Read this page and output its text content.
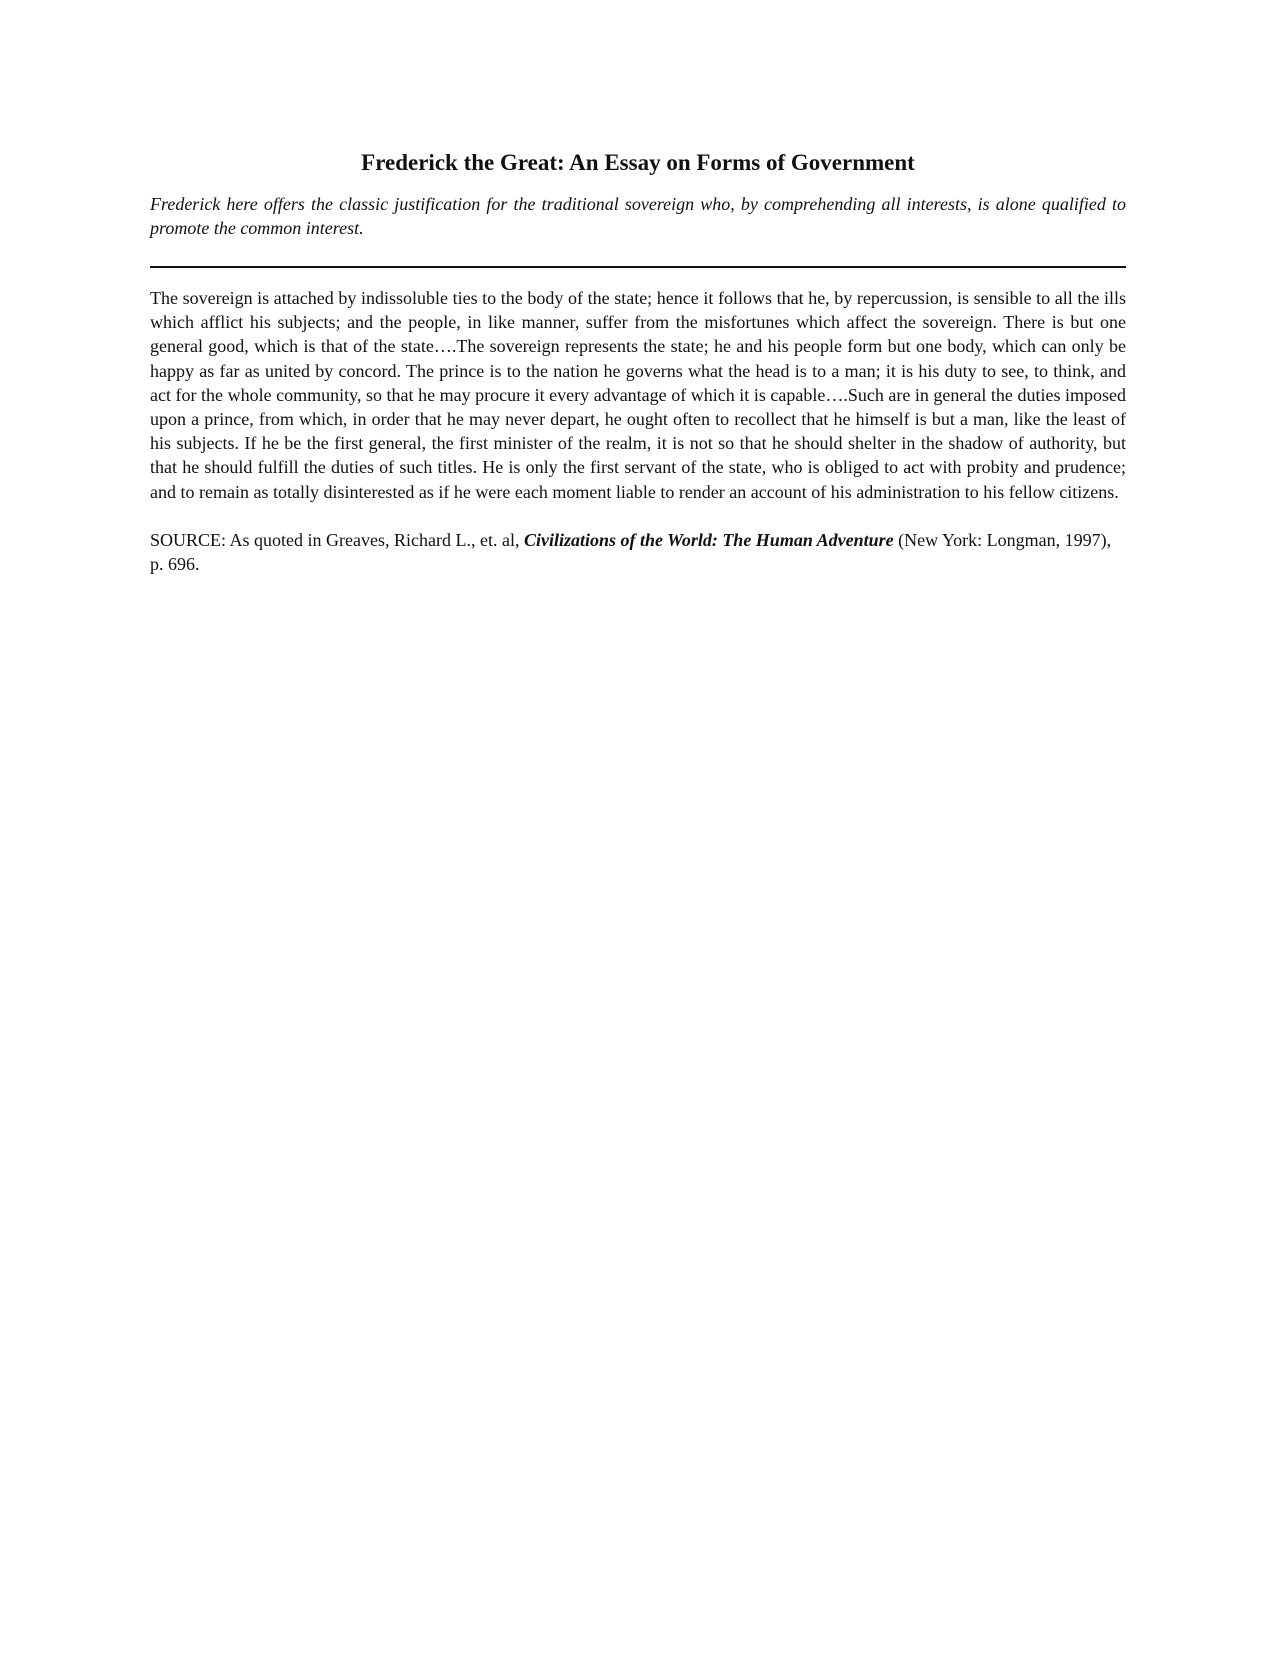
Frederick the Great: An Essay on Forms of Government

Frederick here offers the classic justification for the traditional sovereign who, by comprehending all interests, is alone qualified to promote the common interest.

The sovereign is attached by indissoluble ties to the body of the state; hence it follows that he, by repercussion, is sensible to all the ills which afflict his subjects; and the people, in like manner, suffer from the misfortunes which affect the sovereign. There is but one general good, which is that of the state….The sovereign represents the state; he and his people form but one body, which can only be happy as far as united by concord. The prince is to the nation he governs what the head is to a man; it is his duty to see, to think, and act for the whole community, so that he may procure it every advantage of which it is capable….Such are in general the duties imposed upon a prince, from which, in order that he may never depart, he ought often to recollect that he himself is but a man, like the least of his subjects. If he be the first general, the first minister of the realm, it is not so that he should shelter in the shadow of authority, but that he should fulfill the duties of such titles. He is only the first servant of the state, who is obliged to act with probity and prudence; and to remain as totally disinterested as if he were each moment liable to render an account of his administration to his fellow citizens.

SOURCE: As quoted in Greaves, Richard L., et. al, Civilizations of the World: The Human Adventure (New York: Longman, 1997), p. 696.
